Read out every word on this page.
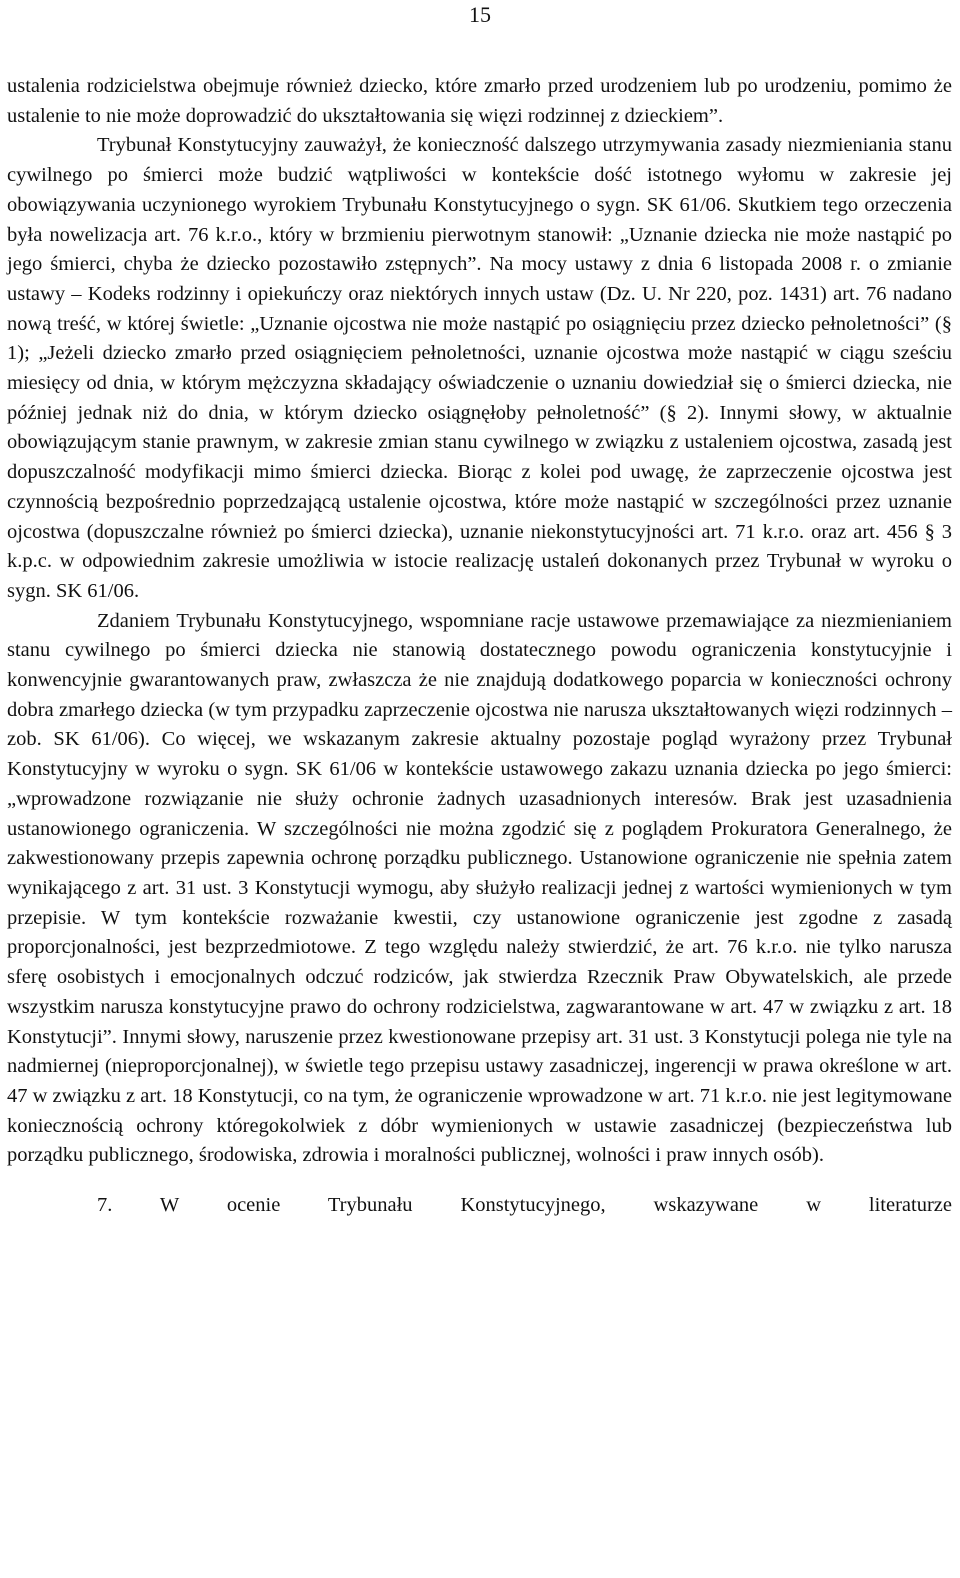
15

ustalenia rodzicielstwa obejmuje również dziecko, które zmarło przed urodzeniem lub po urodzeniu, pomimo że ustalenie to nie może doprowadzić do ukształtowania się więzi rodzinnej z dzieckiem”.

Trybunał Konstytucyjny zauważył, że konieczność dalszego utrzymywania zasady niezmieniania stanu cywilnego po śmierci może budzić wątpliwości w kontekście dość istotnego wyłomu w zakresie jej obowiązywania uczynionego wyrokiem Trybunału Konstytucyjnego o sygn. SK 61/06. Skutkiem tego orzeczenia była nowelizacja art. 76 k.r.o., który w brzmieniu pierwotnym stanowił: „Uznanie dziecka nie może nastąpić po jego śmierci, chyba że dziecko pozostawiło zstępnych”. Na mocy ustawy z dnia 6 listopada 2008 r. o zmianie ustawy – Kodeks rodzinny i opiekuńczy oraz niektórych innych ustaw (Dz. U. Nr 220, poz. 1431) art. 76 nadano nową treść, w której świetle: „Uznanie ojcostwa nie może nastąpić po osiągnięciu przez dziecko pełnoletności” (§ 1); „Jeżeli dziecko zmarło przed osiągnięciem pełnoletności, uznanie ojcostwa może nastąpić w ciągu sześciu miesięcy od dnia, w którym mężczyzna składający oświadczenie o uznaniu dowiedział się o śmierci dziecka, nie później jednak niż do dnia, w którym dziecko osiągnęłoby pełnoletność” (§ 2). Innymi słowy, w aktualnie obowiązującym stanie prawnym, w zakresie zmian stanu cywilnego w związku z ustaleniem ojcostwa, zasadą jest dopuszczalność modyfikacji mimo śmierci dziecka. Biorąc z kolei pod uwagę, że zaprzeczenie ojcostwa jest czynnością bezpośrednio poprzedzającą ustalenie ojcostwa, które może nastąpić w szczególności przez uznanie ojcostwa (dopuszczalne również po śmierci dziecka), uznanie niekonstytucyjności art. 71 k.r.o. oraz art. 456 § 3 k.p.c. w odpowiednim zakresie umożliwia w istocie realizację ustaleń dokonanych przez Trybunał w wyroku o sygn. SK 61/06.

Zdaniem Trybunału Konstytucyjnego, wspomniane racje ustawowe przemawiające za niezmienianiem stanu cywilnego po śmierci dziecka nie stanowią dostatecznego powodu ograniczenia konstytucyjnie i konwencyjnie gwarantowanych praw, zwłaszcza że nie znajdują dodatkowego poparcia w konieczności ochrony dobra zmarłego dziecka (w tym przypadku zaprzeczenie ojcostwa nie narusza ukształtowanych więzi rodzinnych – zob. SK 61/06). Co więcej, we wskazanym zakresie aktualny pozostaje pogląd wyrażony przez Trybunał Konstytucyjny w wyroku o sygn. SK 61/06 w kontekście ustawowego zakazu uznania dziecka po jego śmierci: „wprowadzone rozwiązanie nie służy ochronie żadnych uzasadnionych interesów. Brak jest uzasadnienia ustanowionego ograniczenia. W szczególności nie można zgodzić się z poglądem Prokuratora Generalnego, że zakwestionowany przepis zapewnia ochronę porządku publicznego. Ustanowione ograniczenie nie spełnia zatem wynikającego z art. 31 ust. 3 Konstytucji wymogu, aby służyło realizacji jednej z wartości wymienionych w tym przepisie. W tym kontekście rozważanie kwestii, czy ustanowione ograniczenie jest zgodne z zasadą proporcjonalności, jest bezprzedmiotowe. Z tego względu należy stwierdzić, że art. 76 k.r.o. nie tylko narusza sferę osobistych i emocjonalnych odczuć rodziców, jak stwierdza Rzecznik Praw Obywatelskich, ale przede wszystkim narusza konstytucyjne prawo do ochrony rodzicielstwa, zagwarantowane w art. 47 w związku z art. 18 Konstytucji”. Innymi słowy, naruszenie przez kwestionowane przepisy art. 31 ust. 3 Konstytucji polega nie tyle na nadmiernej (nieproporcjonalnej), w świetle tego przepisu ustawy zasadniczej, ingerencji w prawa określone w art. 47 w związku z art. 18 Konstytucji, co na tym, że ograniczenie wprowadzone w art. 71 k.r.o. nie jest legitymowane koniecznością ochrony któregokolwiek z dóbr wymienionych w ustawie zasadniczej (bezpieczeństwa lub porządku publicznego, środowiska, zdrowia i moralności publicznej, wolności i praw innych osób).

7. W ocenie Trybunału Konstytucyjnego, wskazywane w literaturze
